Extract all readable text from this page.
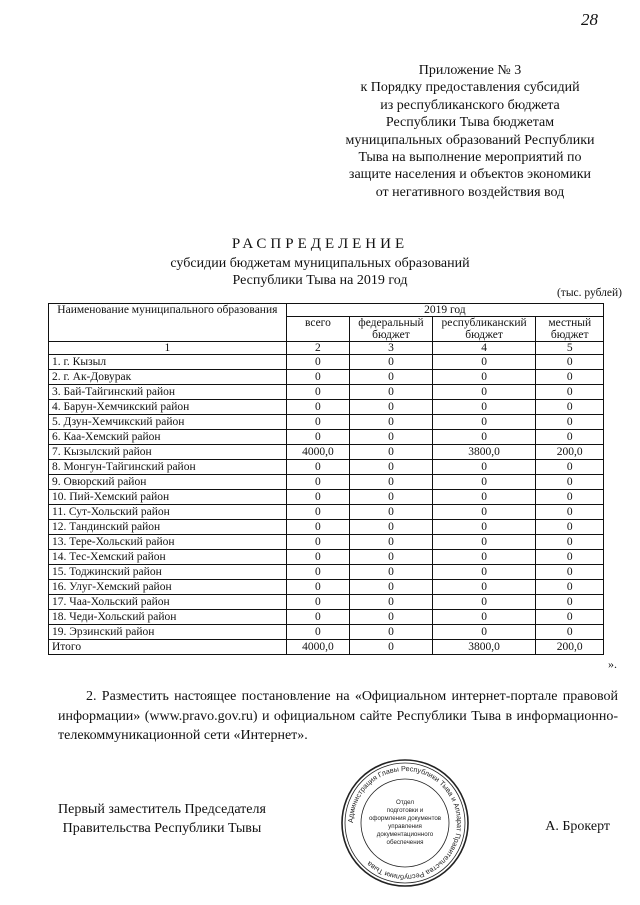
28
Приложение № 3
к Порядку предоставления субсидий
из республиканского бюджета
Республики Тыва бюджетам
муниципальных образований Республики
Тыва на выполнение мероприятий по
защите населения и объектов экономики
от негативного воздействия вод
РАСПРЕДЕЛЕНИЕ
субсидии бюджетам муниципальных образований
Республики Тыва на 2019 год
(тыс. рублей)
Наименование муниципального образования	2019 год			
	всего	федеральный бюджет	республиканский бюджет	местный бюджет
1	2	3	4	5
1. г. Кызыл	0	0	0	0
2. г. Ак-Довурак	0	0	0	0
3. Бай-Тайгинский район	0	0	0	0
4. Барун-Хемчикский район	0	0	0	0
5. Дзун-Хемчикский район	0	0	0	0
6. Каа-Хемский район	0	0	0	0
7. Кызылский район	4000,0	0	3800,0	200,0
8. Монгун-Тайгинский район	0	0	0	0
9. Овюрский район	0	0	0	0
10. Пий-Хемский район	0	0	0	0
11. Сут-Хольский район	0	0	0	0
12. Тандинский район	0	0	0	0
13. Тере-Хольский район	0	0	0	0
14. Тес-Хемский район	0	0	0	0
15. Тоджинский район	0	0	0	0
16. Улуг-Хемский район	0	0	0	0
17. Чаа-Хольский район	0	0	0	0
18. Чеди-Хольский район	0	0	0	0
19. Эрзинский район	0	0	0	0
Итого	4000,0	0	3800,0	200,0
».
2. Разместить настоящее постановление на «Официальном интернет-портале правовой информации» (www.pravo.gov.ru) и официальном сайте Республики Тыва в информационно-телекоммуникационной сети «Интернет».
Первый заместитель Председателя
Правительства Республики Тывы
Администрация Главы Республики Тыва и Аппарат Правительства Республики Тыва
Отдел
подготовки и
оформления документов
управления
документационного
обеспечения
А. Брокерт
